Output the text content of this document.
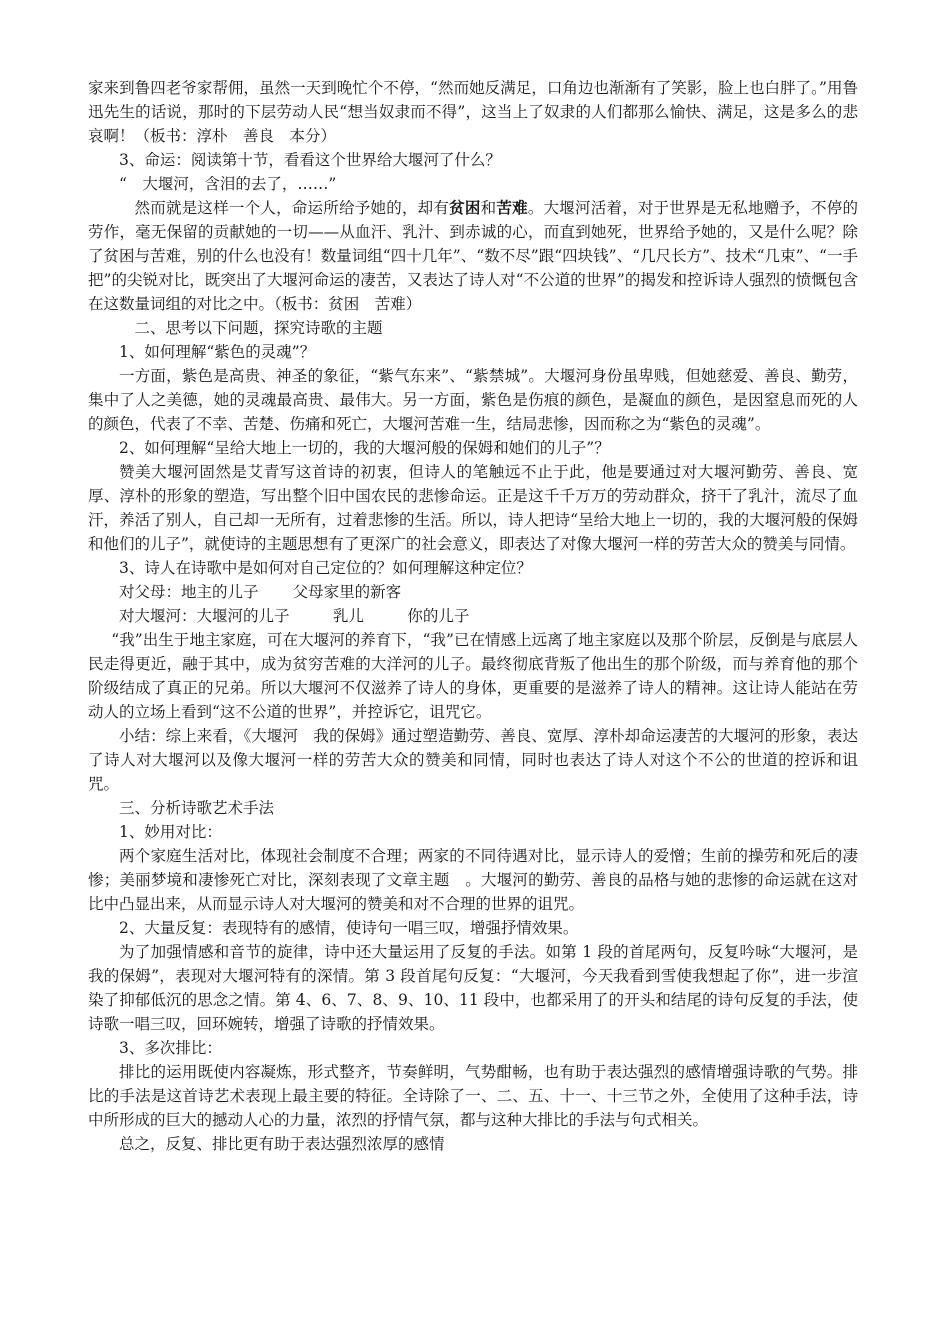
家来到鲁四老爷家帮佣，虽然一天到晚忙个不停，“然而她反满足，口角边也渐渐有了笑影，脸上也白胖了。”用鲁迅先生的话说，那时的下层劳动人民“想当奴隶而不得”，这当上了奴隶的人们都那么愉快、满足，这是多么的悲哀啊！（板书：淳朴　善良　本分）

3、命运：阅读第十节，看看这个世界给大堰河了什么？

“　大堰河，含泪的去了，……”

然而就是这样一个人，命运所给予她的，却有贫困和苦难。大堰河活着，对于世界是无私地赠予，不停的劳作，毫无保留的贡献她的一切——从血汗、乳汁、到赤诚的心，而直到她死，世界给予她的，又是什么呢？除了贫困与苦难，别的什么也没有！数量词组“四十几年”、“数不尽”跟“四块钱”、“几尺长方”、技术“几束”、“一手把”的尖锐对比，既突出了大堰河命运的凄苦，又表达了诗人对“不公道的世界”的揭发和控诉诗人强烈的愤慨包含在这数量词组的对比之中。（板书：贫困　苦难）

二、思考以下问题，探究诗歌的主题

1、如何理解“紫色的灵魂”？

一方面，紫色是高贵、神圣的象征，“紫气东来”、“紫禁城”。大堰河身份虽卑贱，但她慈爱、善良、勤劳，集中了人之美德，她的灵魂最高贵、最伟大。另一方面，紫色是伤痕的颜色，是凝血的颜色，是因窒息而死的人的颜色，代表了不幸、苦楚、伤痛和死亡，大堰河苦难一生，结局悲惨，因而称之为“紫色的灵魂”。

2、如何理解“呈给大地上一切的，我的大堰河般的保姆和她们的儿子”？

赞美大堰河固然是艾青写这首诗的初衷，但诗人的笔触远不止于此，他是要通过对大堰河勤劳、善良、宽厚、淳朴的形象的塑造，写出整个旧中国农民的悲惨命运。正是这千千万万的劳动群众，挤干了乳汁，流尽了血汗，养活了别人，自己却一无所有，过着悲惨的生活。所以，诗人把诗“呈给大地上一切的，我的大堰河般的保姆和他们的儿子”，就使诗的主题思想有了更深广的社会意义，即表达了对像大堰河一样的劳苦大众的赞美与同情。

3、诗人在诗歌中是如何对自己定位的？如何理解这种定位？

对父母：地主的儿子 父母家里的新客

对大堰河：大堰河的儿子	乳儿	你的儿子

“我”出生于地主家庭，可在大堰河的养育下，“我”已在情感上远离了地主家庭以及那个阶层，反倒是与底层人民走得更近，融于其中，成为贫穷苦难的大洋河的儿子。最终彻底背叛了他出生的那个阶级，而与养育他的那个阶级结成了真正的兄弟。所以大堰河不仅滋养了诗人的身体，更重要的是滋养了诗人的精神。这让诗人能站在劳动人的立场上看到“这不公道的世界”，并控诉它，诅咒它。

小结：综上来看，《大堰河　我的保姆》通过塑造勤劳、善良、宽厚、淳朴却命运凄苦的大堰河的形象，表达了诗人对大堰河以及像大堰河一样的劳苦大众的赞美和同情，同时也表达了诗人对这个不公的世道的控诉和诅咒。

三、分析诗歌艺术手法

1、妙用对比：

两个家庭生活对比，体现社会制度不合理；两家的不同待遇对比，显示诗人的爱憎；生前的操劳和死后的凄惨；美丽梦境和凄惨死亡对比，深刻表现了文章主题　。大堰河的勤劳、善良的品格与她的悲惨的命运就在这对比中凸显出来，从而显示诗人对大堰河的赞美和对不合理的世界的诅咒。

2、大量反复：表现特有的感情，使诗句一唱三叹，增强抒情效果。

为了加强情感和音节的旋律，诗中还大量运用了反复的手法。如第 1 段的首尾两句，反复吟咏“大堰河，是我的保姆”，表现对大堰河特有的深情。第 3 段首尾句反复：“大堰河，今天我看到雪使我想起了你”，进一步渲染了抑郁低沉的思念之情。第 4、6、7、8、9、10、11 段中，也都采用了的开头和结尾的诗句反复的手法，使诗歌一唱三叹，回环婉转，增强了诗歌的抒情效果。

3、多次排比：

排比的运用既使内容凝炼，形式整齐，节奏鲜明，气势酣畅，也有助于表达强烈的感情增强诗歌的气势。排比的手法是这首诗艺术表现上最主要的特征。全诗除了一、二、五、十一、十三节之外，全使用了这种手法，诗中所形成的巨大的撼动人心的力量，浓烈的抒情气氛，都与这种大排比的手法与句式相关。

总之，反复、排比更有助于表达强烈浓厚的感情
